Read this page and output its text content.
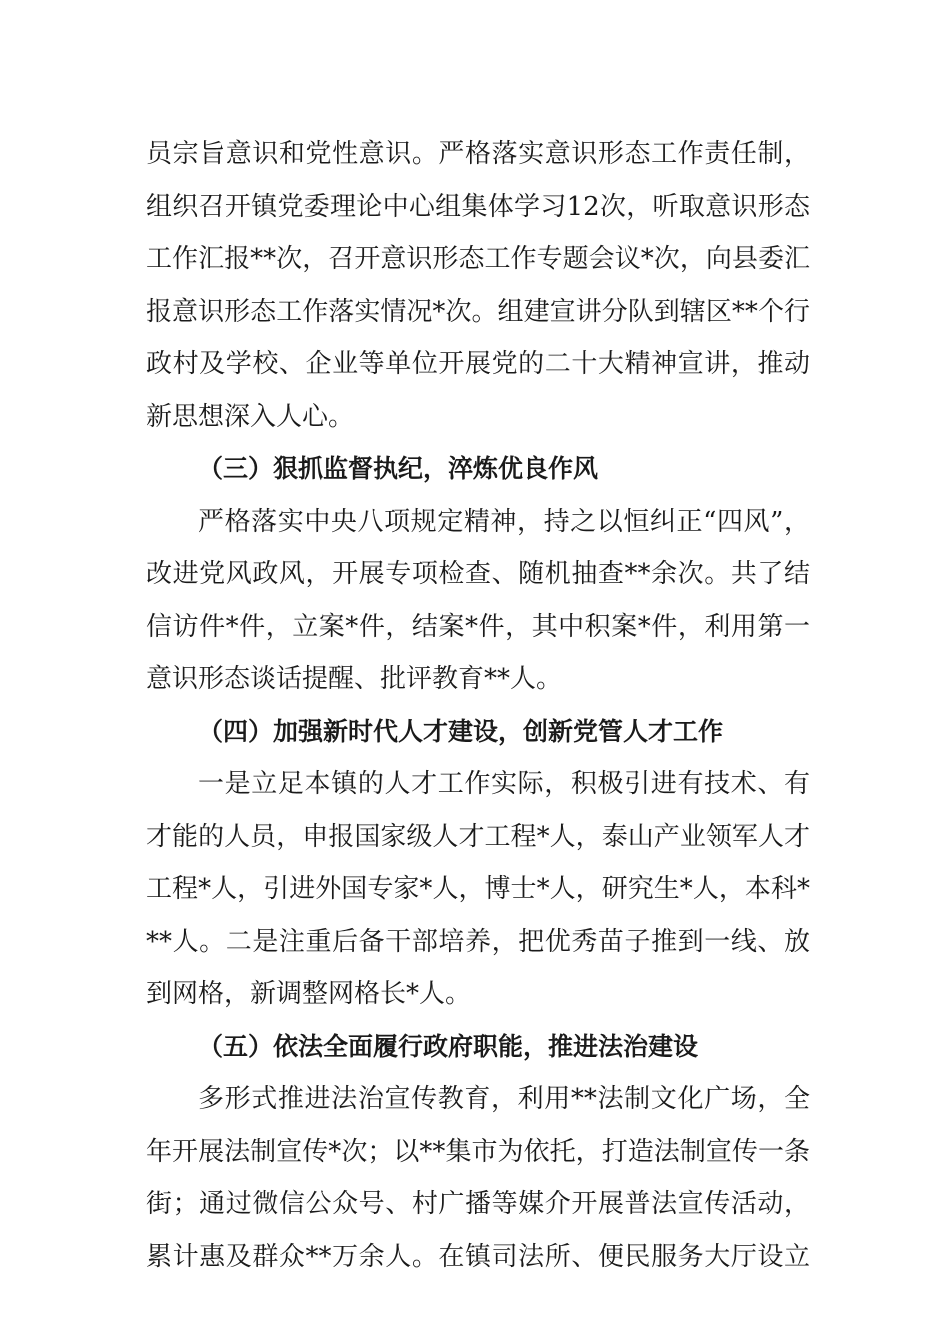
员宗旨意识和党性意识。严格落实意识形态工作责任制，
组织召开镇党委理论中心组集体学习12次，听取意识形态
工作汇报**次，召开意识形态工作专题会议*次，向县委汇
报意识形态工作落实情况*次。组建宣讲分队到辖区**个行
政村及学校、企业等单位开展党的二十大精神宣讲，推动
新思想深入人心。
（三）狠抓监督执纪，淬炼优良作风
严格落实中央八项规定精神，持之以恒纠正“四风”，
改进党风政风，开展专项检查、随机抽查**余次。共了结
信访件*件，立案*件，结案*件，其中积案*件，利用第一
意识形态谈话提醒、批评教育**人。
（四）加强新时代人才建设，创新党管人才工作
一是立足本镇的人才工作实际，积极引进有技术、有
才能的人员，申报国家级人才工程*人，泰山产业领军人才
工程*人，引进外国专家*人，博士*人，研究生*人，本科*
**人。二是注重后备干部培养，把优秀苗子推到一线、放
到网格，新调整网格长*人。
（五）依法全面履行政府职能，推进法治建设
多形式推进法治宣传教育，利用**法制文化广场，全
年开展法制宣传*次；以**集市为依托，打造法制宣传一条
街；通过微信公众号、村广播等媒介开展普法宣传活动，
累计惠及群众**万余人。在镇司法所、便民服务大厅设立
